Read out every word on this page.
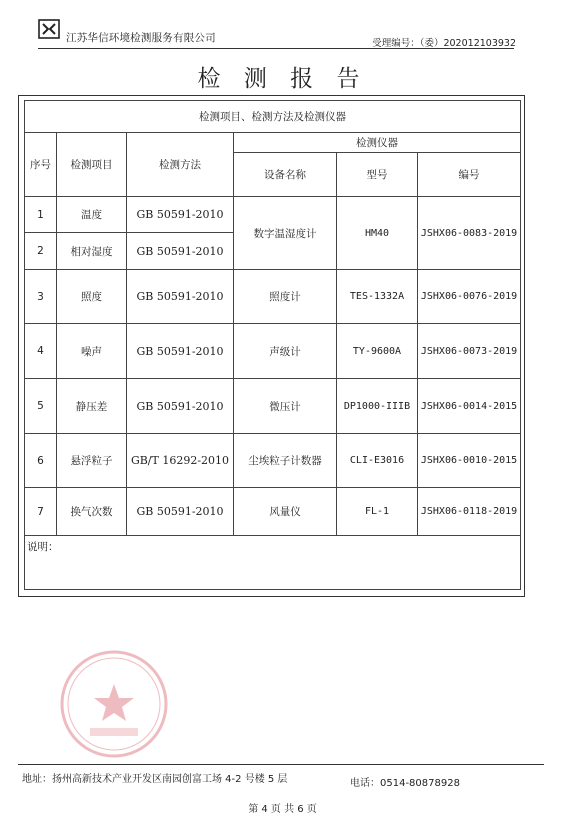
江苏华信环境检测服务有限公司	受理编号：（委）202012103932
检 测 报 告
检测项目、检测方法及检测仪器					
序号	检测项目	检测方法	检测仪器		
			设备名称	型号	编号
1	温度	GB 50591-2010	数字温湿度计	HM40	JSHX06-0083-2019
2	相对湿度	GB 50591-2010			
3	照度	GB 50591-2010	照度计	TES-1332A	JSHX06-0076-2019
4	噪声	GB 50591-2010	声级计	TY-9600A	JSHX06-0073-2019
5	静压差	GB 50591-2010	微压计	DP1000-IIIB	JSHX06-0014-2015
6	悬浮粒子	GB/T 16292-2010	尘埃粒子计数器	CLI-E3016	JSHX06-0010-2015
7	换气次数	GB 50591-2010	风量仪	FL-1	JSHX06-0118-2019
说明：					
地址：扬州高新技术产业开发区南园创富工场 4-2 号楼 5 层	电话：0514-80878928
第 4 页 共 6 页
